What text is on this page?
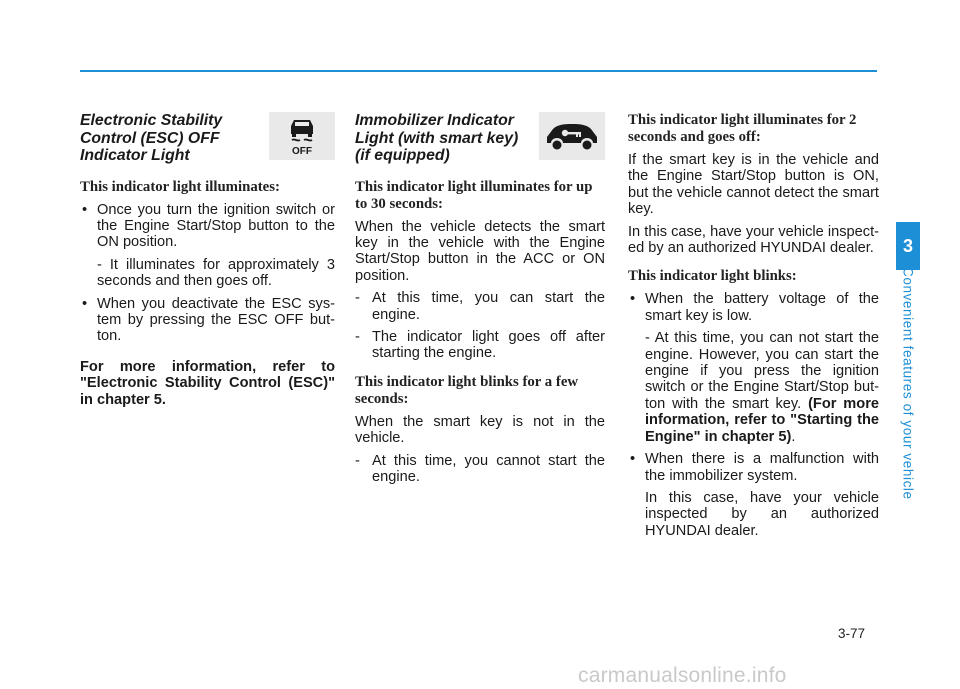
Electronic Stability Control (ESC) OFF Indicator Light	OFF
This indicator light illuminates:
• Once you turn the ignition switch or the Engine Start/Stop button to the ON position.
- It illuminates for approximately 3 seconds and then goes off.
• When you deactivate the ESC sys-tem by pressing the ESC OFF but-ton.

For more information, refer to "Electronic Stability Control (ESC)" in chapter 5.

Immobilizer Indicator Light (with smart key) (if equipped)
This indicator light illuminates for up to 30 seconds:

When the vehicle detects the smart key in the vehicle with the Engine Start/Stop button in the ACC or ON position.

- At this time, you can start the engine.
- The indicator light goes off after starting the engine.
This indicator light blinks for a few seconds:

When the smart key is not in the vehicle.

- At this time, you cannot start the engine.
This indicator light illuminates for 2 seconds and goes off:

If the smart key is in the vehicle and the Engine Start/Stop button is ON, but the vehicle cannot detect the smart key.

In this case, have your vehicle inspect-ed by an authorized HYUNDAI dealer.

This indicator light blinks:
• When the battery voltage of the smart key is low.
- At this time, you can not start the engine. However, you can start the engine if you press the ignition switch or the Engine Start/Stop but-ton with the smart key. (For more information, refer to "Starting the Engine" in chapter 5).
• When there is a malfunction with the immobilizer system.
In this case, have your vehicle inspected by an authorized HYUNDAI dealer.
3
Convenient features of your vehicle
3-77
carmanualsonline.info
